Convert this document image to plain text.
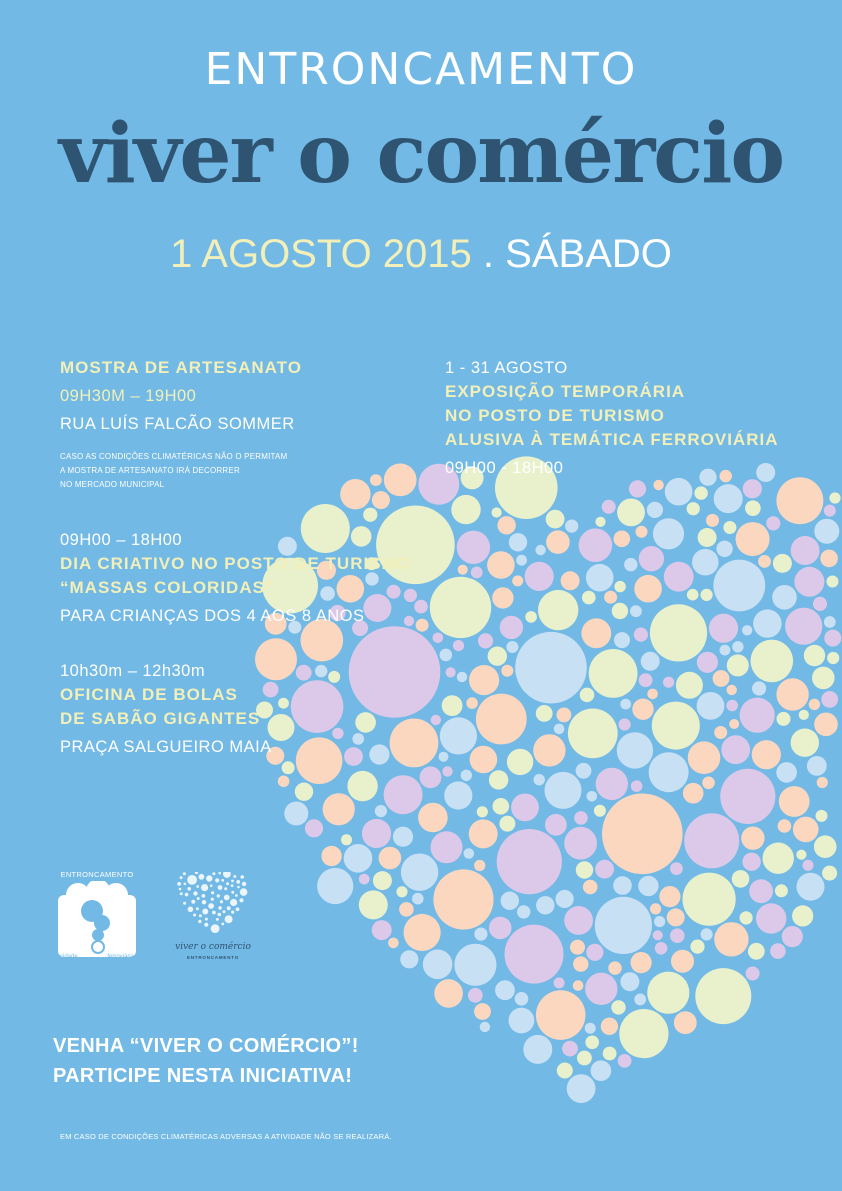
ENTRONCAMENTO
viver o comércio
1 AGOSTO 2015 . SÁBADO
MOSTRA DE ARTESANATO
09H30M – 19H00
RUA LUÍS FALCÃO SOMMER
CASO AS CONDIÇÕES CLIMATÉRICAS NÃO O PERMITAM
A MOSTRA DE ARTESANATO IRÁ DECORRER
NO MERCADO MUNICIPAL
1 - 31 AGOSTO
EXPOSIÇÃO TEMPORÁRIA
NO POSTO DE TURISMO
ALUSIVA À TEMÁTICA FERROVIÁRIA
09H00 - 18H00
09H00 – 18H00
DIA CRIATIVO NO POSTO DE TURISMO
“MASSAS COLORIDAS”
PARA CRIANÇAS DOS 4 AOS 8 ANOS
10h30m – 12h30m
OFICINA DE BOLAS
DE SABÃO GIGANTES
PRAÇA SALGUEIRO MAIA
ENTRONCAMENTO
cidade	ferroviária
viver o comércio
ENTRONCAMENTO
VENHA “VIVER O COMÉRCIO”!
PARTICIPE NESTA INICIATIVA!
EM CASO DE CONDIÇÕES CLIMATÉRICAS ADVERSAS A ATIVIDADE NÃO SE REALIZARÁ.
